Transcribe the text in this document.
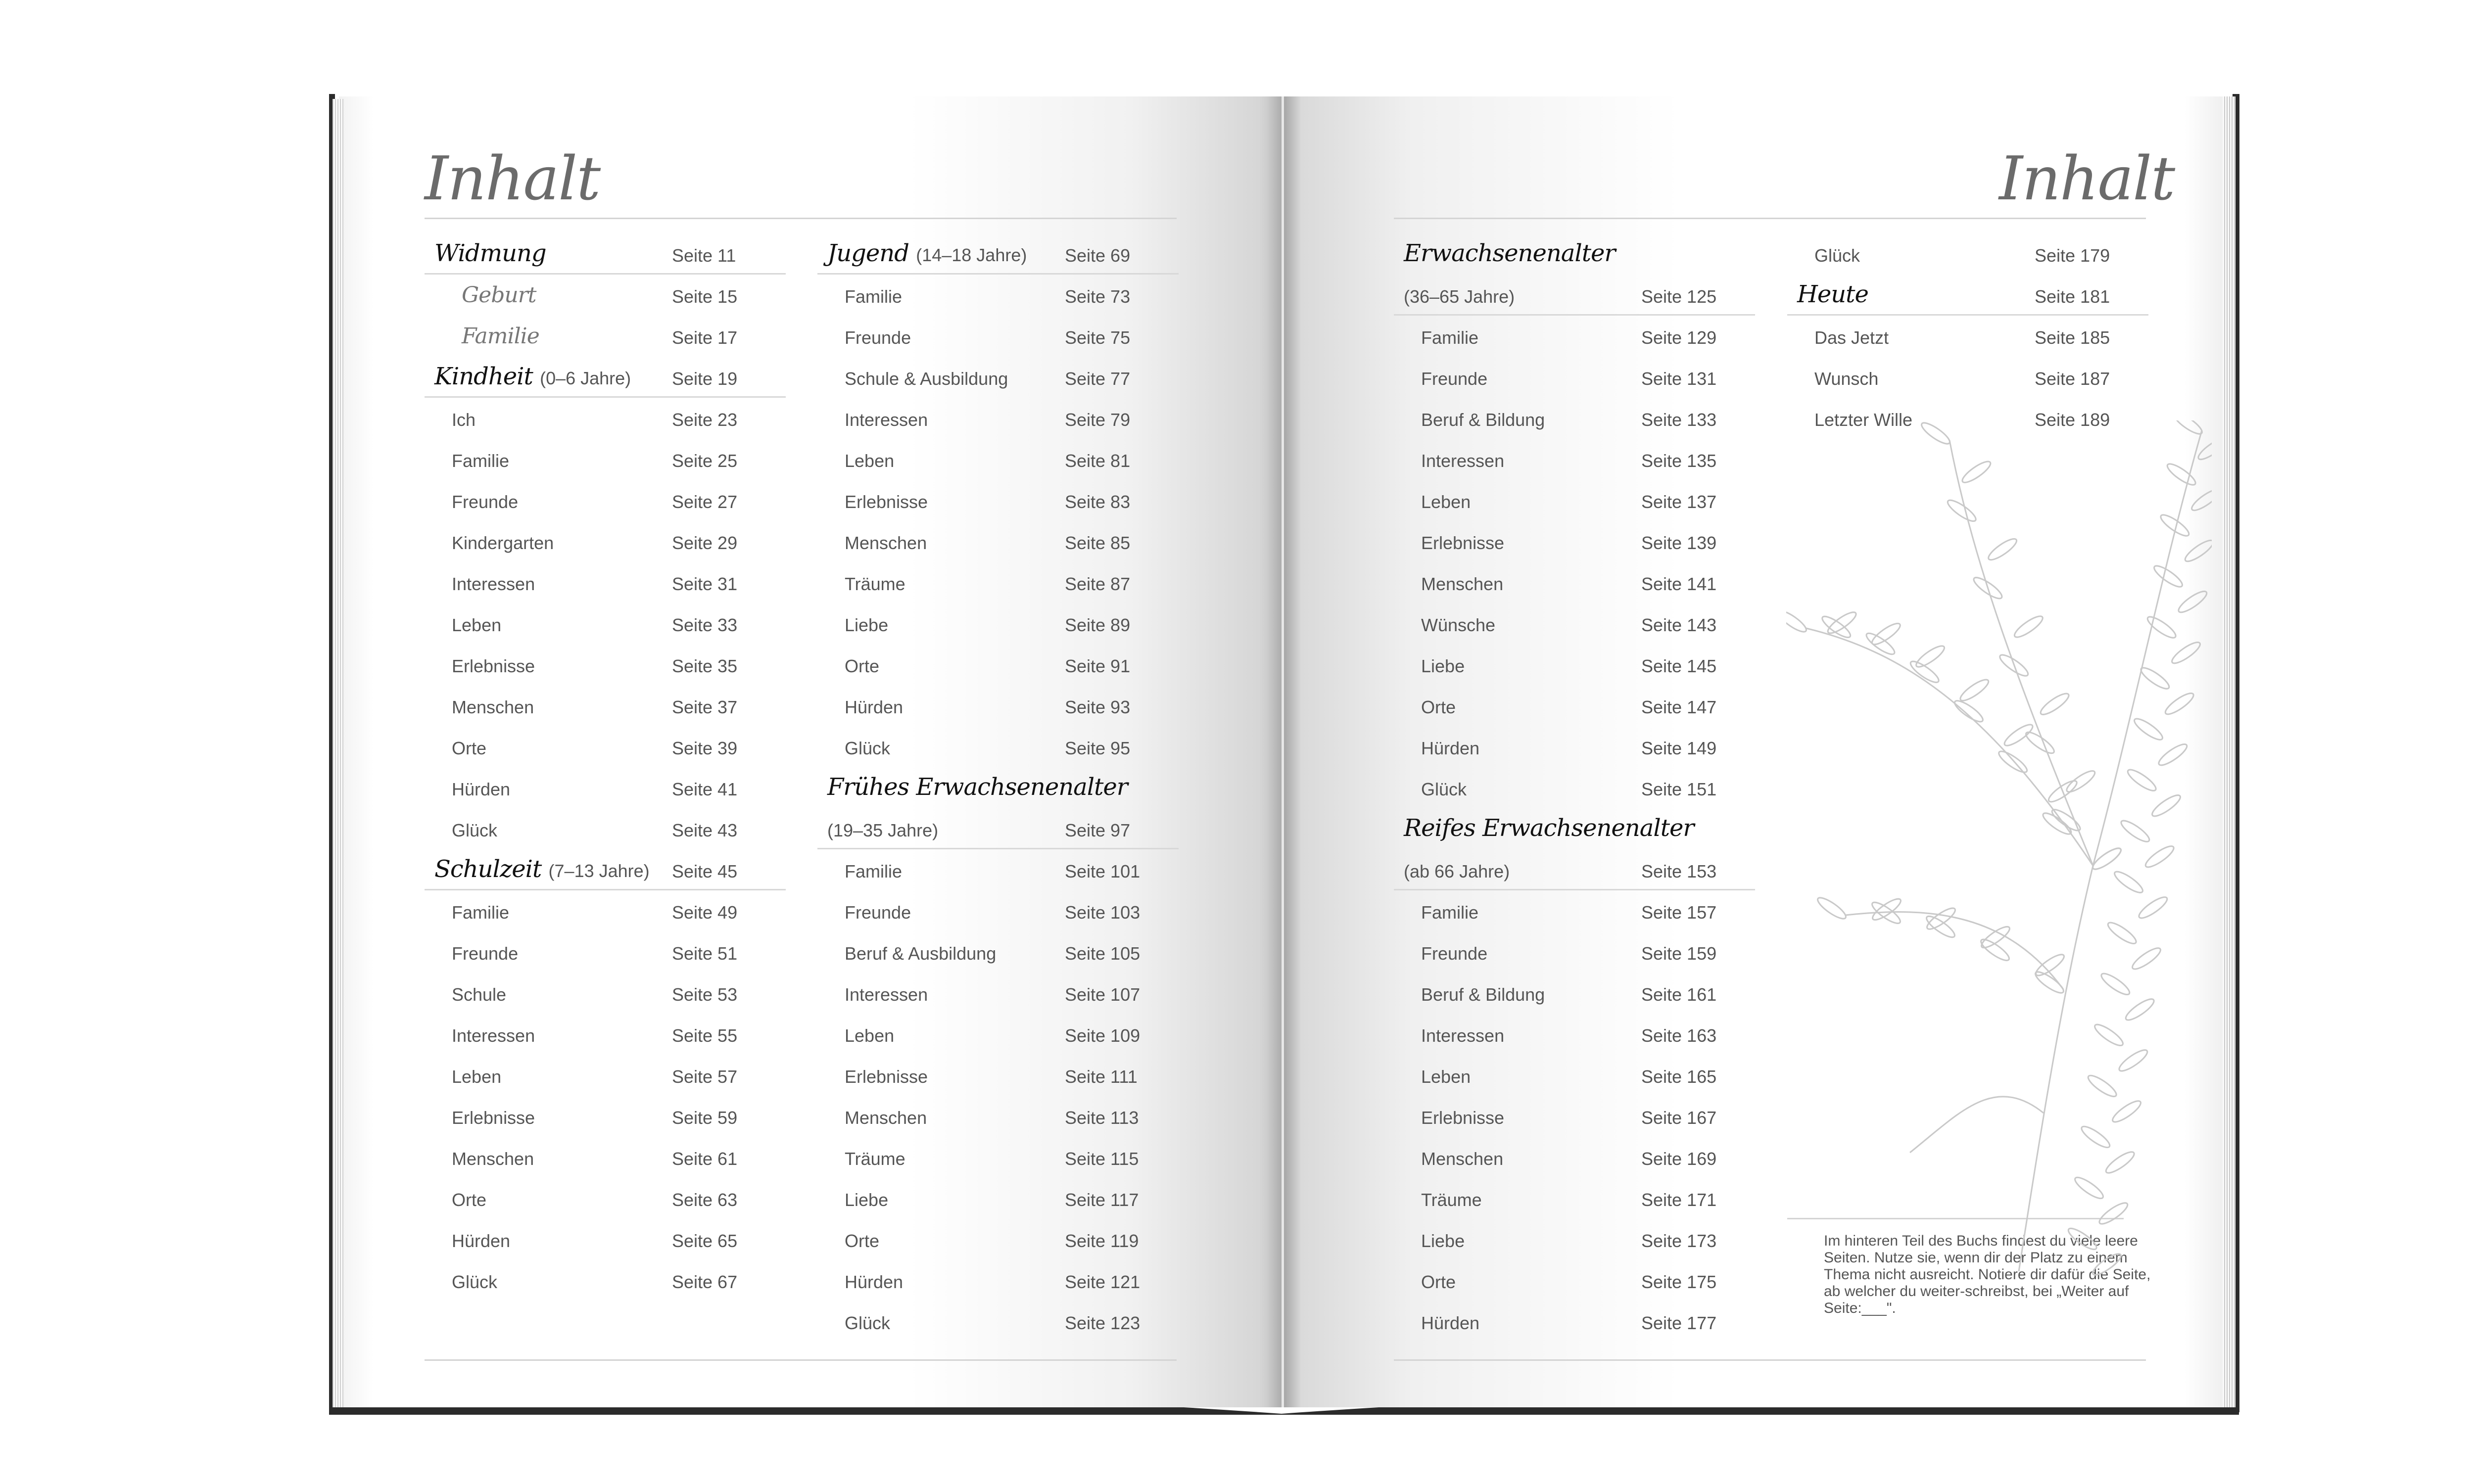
Inhalt
Widmung	Seite 11
Geburt	Seite 15
Familie	Seite 17
Kindheit (0–6 Jahre) Seite 19
Ich	Seite 23
Familie	Seite 25
Freunde	Seite 27
Kindergarten	Seite 29
Interessen	Seite 31
Leben	Seite 33
Erlebnisse	Seite 35
Menschen	Seite 37
Orte	Seite 39
Hürden	Seite 41
Glück	Seite 43
Schulzeit (7–13 Jahre) Seite 45
Familie	Seite 49
Freunde	Seite 51
Schule	Seite 53
Interessen	Seite 55
Leben	Seite 57
Erlebnisse	Seite 59
Menschen	Seite 61
Orte	Seite 63
Hürden	Seite 65
Glück	Seite 67
Jugend (14–18 Jahre) Seite 69
Familie	Seite 73
Freunde	Seite 75
Schule & Ausbildung	Seite 77
Interessen	Seite 79
Leben	Seite 81
Erlebnisse	Seite 83
Menschen	Seite 85
Träume	Seite 87
Liebe	Seite 89
Orte	Seite 91
Hürden	Seite 93
Glück	Seite 95
Frühes Erwachsenenalter
(19–35 Jahre)	Seite 97
Familie	Seite 101
Freunde	Seite 103
Beruf & Ausbildung	Seite 105
Interessen	Seite 107
Leben	Seite 109
Erlebnisse	Seite 111
Menschen	Seite 113
Träume	Seite 115
Liebe	Seite 117
Orte	Seite 119
Hürden	Seite 121
Glück	Seite 123
Inhalt
Erwachsenenalter
(36–65 Jahre)	Seite 125
Familie	Seite 129
Freunde	Seite 131
Beruf & Bildung	Seite 133
Interessen	Seite 135
Leben	Seite 137
Erlebnisse	Seite 139
Menschen	Seite 141
Wünsche	Seite 143
Liebe	Seite 145
Orte	Seite 147
Hürden	Seite 149
Glück	Seite 151
Reifes Erwachsenenalter
(ab 66 Jahre)	Seite 153
Familie	Seite 157
Freunde	Seite 159
Beruf & Bildung	Seite 161
Interessen	Seite 163
Leben	Seite 165
Erlebnisse	Seite 167
Menschen	Seite 169
Träume	Seite 171
Liebe	Seite 173
Orte	Seite 175
Hürden	Seite 177
Glück	Seite 179
Heute	Seite 181
Das Jetzt	Seite 185
Wunsch	Seite 187
Letzter Wille	Seite 189
Im hinteren Teil des Buchs findest du viele leere Seiten. Nutze sie, wenn dir der Platz zu einem Thema nicht ausreicht. Notiere dir dafür die Seite, ab welcher du weiter-schreibst, bei „Weiter auf Seite:___".
